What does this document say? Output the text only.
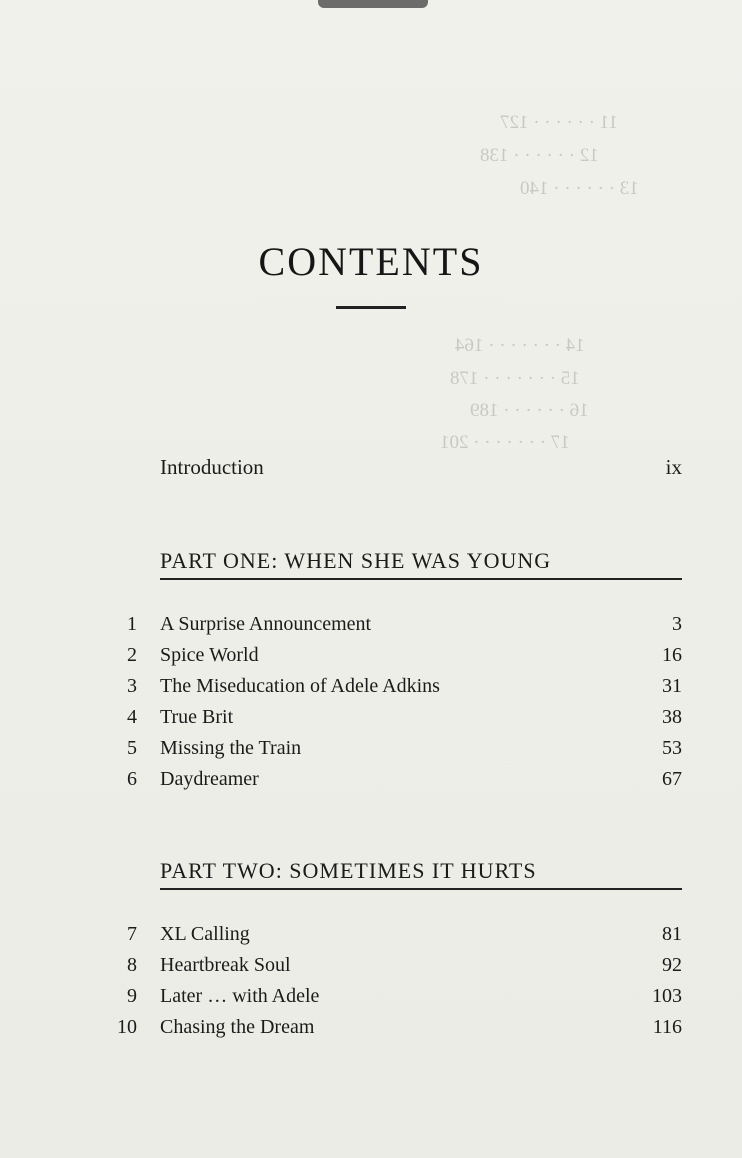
11 · · · · · · 127
12 · · · · · · 138
13 · · · · · · 140
14 · · · · · · · 164
15 · · · · · · · 178
16 · · · · · · 189
17 · · · · · · · 201
CONTENTS
Introduction	ix
PART ONE: WHEN SHE WAS YOUNG
1 A Surprise Announcement	3
2 Spice World	16
3 The Miseducation of Adele Adkins	31
4 True Brit	38
5 Missing the Train	53
6 Daydreamer	67
PART TWO: SOMETIMES IT HURTS
7 XL Calling	81
8 Heartbreak Soul	92
9 Later … with Adele	103
10 Chasing the Dream	116
